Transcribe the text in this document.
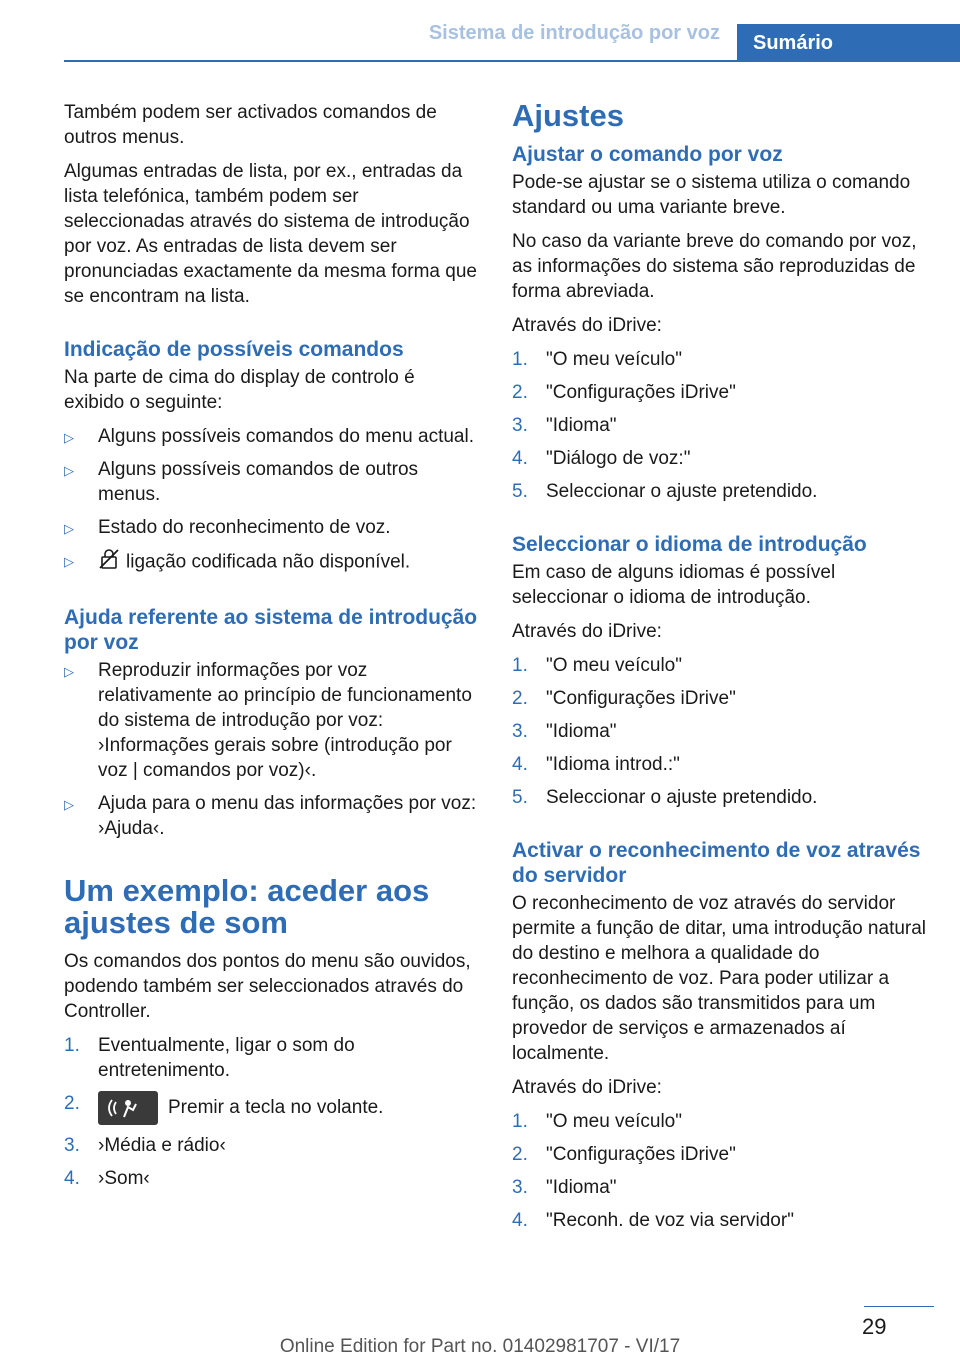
Sistema de introdução por voz	Sumário

Também podem ser activados comandos de outros menus.

Algumas entradas de lista, por ex., entradas da lista telefónica, também podem ser seleccionadas através do sistema de introdução por voz. As entradas de lista devem ser pronunciadas exactamente da mesma forma que se encontram na lista.

Indicação de possíveis comandos

Na parte de cima do display de controlo é exibido o seguinte:

▷ Alguns possíveis comandos do menu actual.
▷ Alguns possíveis comandos de outros menus.
▷ Estado do reconhecimento de voz.
▷	ligação codificada não disponível.
Ajuda referente ao sistema de introdução por voz
▷ Reproduzir informações por voz relativamente ao princípio de funcionamento do sistema de introdução por voz: ›Informações gerais sobre (introdução por voz | comandos por voz)‹.
▷ Ajuda para o menu das informações por voz: ›Ajuda‹.
Um exemplo: aceder aos ajustes de som

Os comandos dos pontos do menu são ouvidos, podendo também ser seleccionados através do Controller.

1. Eventualmente, ligar o som do entretenimento.
2.	Premir a tecla no volante.
3. ›Média e rádio‹
4. ›Som‹
Ajustes
Ajustar o comando por voz

Pode-se ajustar se o sistema utiliza o comando standard ou uma variante breve.

No caso da variante breve do comando por voz, as informações do sistema são reproduzidas de forma abreviada.

Através do iDrive:

1. "O meu veículo"
2. "Configurações iDrive"
3. "Idioma"
4. "Diálogo de voz:"
5. Seleccionar o ajuste pretendido.
Seleccionar o idioma de introdução

Em caso de alguns idiomas é possível seleccionar o idioma de introdução.

Através do iDrive:

1. "O meu veículo"
2. "Configurações iDrive"
3. "Idioma"
4. "Idioma introd.:"
5. Seleccionar o ajuste pretendido.
Activar o reconhecimento de voz através do servidor

O reconhecimento de voz através do servidor permite a função de ditar, uma introdução natural do destino e melhora a qualidade do reconhecimento de voz. Para poder utilizar a função, os dados são transmitidos para um provedor de serviços e armazenados aí localmente.

Através do iDrive:

1. "O meu veículo"
2. "Configurações iDrive"
3. "Idioma"
4. "Reconh. de voz via servidor"
29
Online Edition for Part no. 01402981707 - VI/17
